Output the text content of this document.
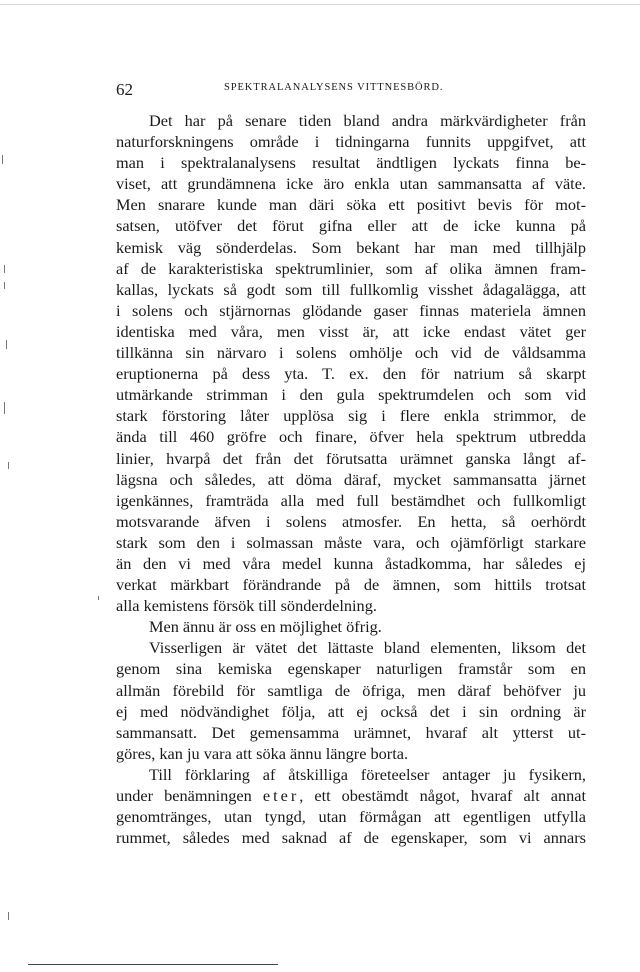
62	SPEKTRALANALYSENS VITTNESBÖRD.
Det har på senare tiden bland andra märkvärdigheter från
naturforskningens område i tidningarna funnits uppgifvet, att
man i spektralanalysens resultat ändtligen lyckats finna be-
viset, att grundämnena icke äro enkla utan sammansatta af väte.
Men snarare kunde man däri söka ett positivt bevis för mot-
satsen, utöfver det förut gifna eller att de icke kunna på
kemisk väg sönderdelas. Som bekant har man med tillhjälp
af de karakteristiska spektrumlinier, som af olika ämnen fram-
kallas, lyckats så godt som till fullkomlig visshet ådagalägga, att
i solens och stjärnornas glödande gaser finnas materiela ämnen
identiska med våra, men visst är, att icke endast vätet ger
tillkänna sin närvaro i solens omhölje och vid de våldsamma
eruptionerna på dess yta. T. ex. den för natrium så skarpt
utmärkande strimman i den gula spektrumdelen och som vid
stark förstoring låter upplösa sig i flere enkla strimmor, de
ända till 460 gröfre och finare, öfver hela spektrum utbredda
linier, hvarpå det från det förutsatta urämnet ganska långt af-
lägsna och således, att döma däraf, mycket sammansatta järnet
igenkännes, framträda alla med full bestämdhet och fullkomligt
motsvarande äfven i solens atmosfer. En hetta, så oerhördt
stark som den i solmassan måste vara, och ojämförligt starkare
än den vi med våra medel kunna åstadkomma, har således ej
verkat märkbart förändrande på de ämnen, som hittils trotsat
alla kemistens försök till sönderdelning.
Men ännu är oss en möjlighet öfrig.
Visserligen är vätet det lättaste bland elementen, liksom det
genom sina kemiska egenskaper naturligen framstår som en
allmän förebild för samtliga de öfriga, men däraf behöfver ju
ej med nödvändighet följa, att ej också det i sin ordning är
sammansatt. Det gemensamma urämnet, hvaraf alt ytterst ut-
göres, kan ju vara att söka ännu längre borta.
Till förklaring af åtskilliga företeelser antager ju fysikern,
under benämningen eter, ett obestämdt något, hvaraf alt annat
genomtränges, utan tyngd, utan förmågan att egentligen utfylla
rummet, således med saknad af de egenskaper, som vi annars
